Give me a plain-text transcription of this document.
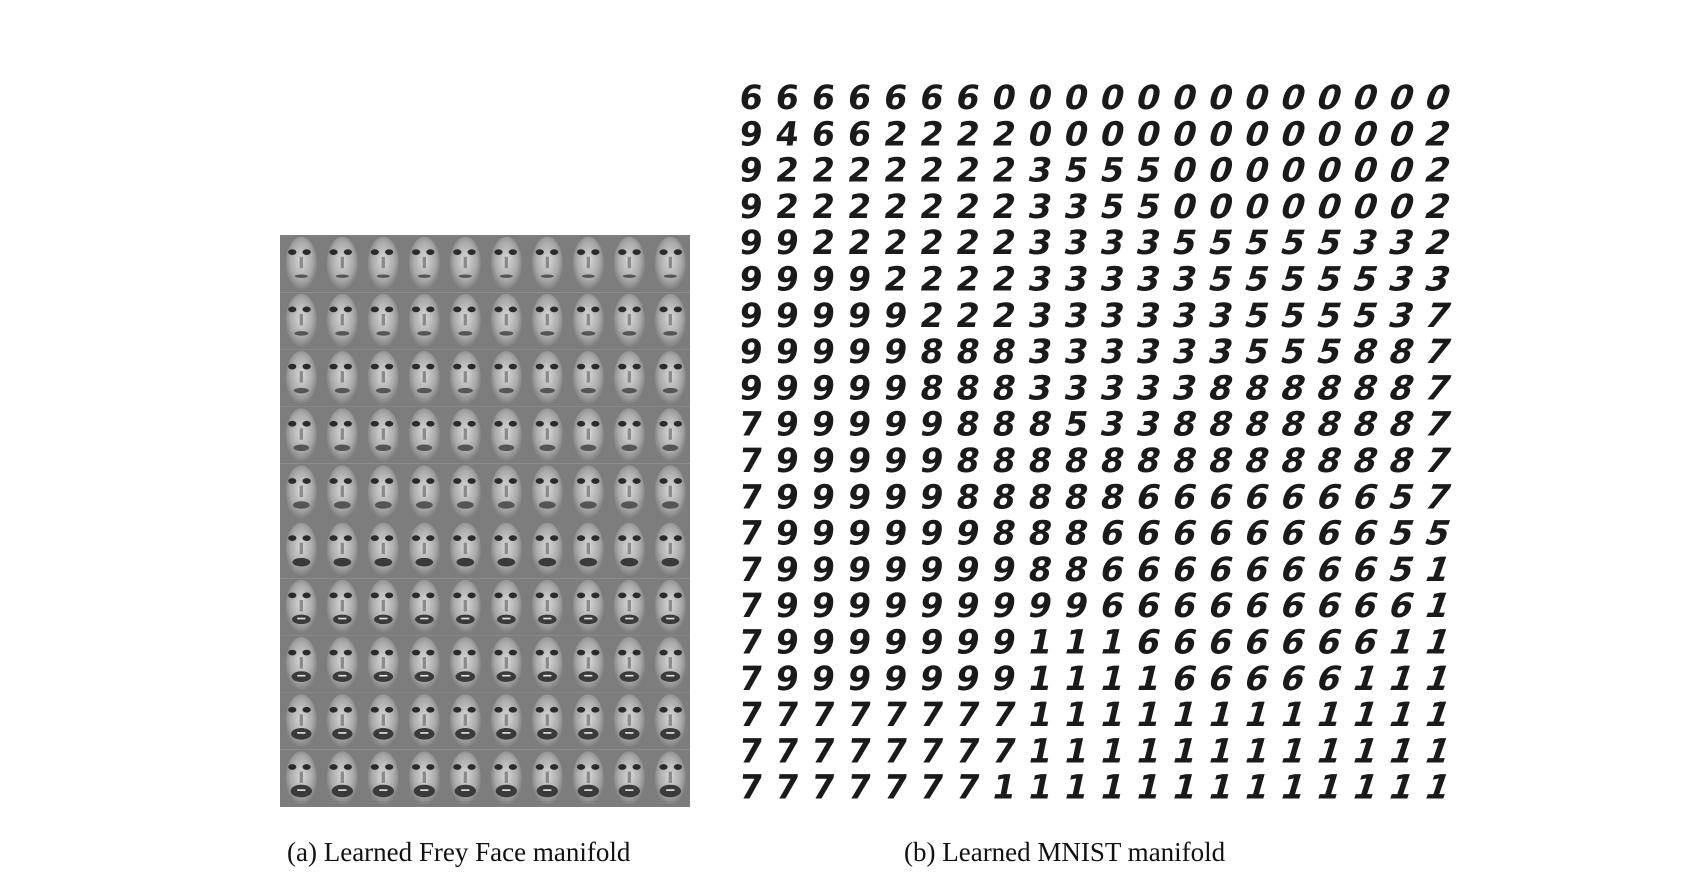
6 6 6 6 6 6 6 0 0 0 0 0 0 0 0 0 0 0 0 0
9 4 6 6 2 2 2 2 0 0 0 0 0 0 0 0 0 0 0 2
9 2 2 2 2 2 2 2 3 5 5 5 0 0 0 0 0 0 0 2
9 2 2 2 2 2 2 2 3 3 5 5 0 0 0 0 0 0 0 2
9 9 2 2 2 2 2 2 3 3 3 3 5 5 5 5 5 3 3 2
9 9 9 9 2 2 2 2 3 3 3 3 3 5 5 5 5 5 3 3
9 9 9 9 9 2 2 2 3 3 3 3 3 3 5 5 5 5 3 7
9 9 9 9 9 8 8 8 3 3 3 3 3 3 5 5 5 8 8 7
9 9 9 9 9 8 8 8 3 3 3 3 3 8 8 8 8 8 8 7
7 9 9 9 9 9 8 8 8 5 3 3 8 8 8 8 8 8 8 7
7 9 9 9 9 9 8 8 8 8 8 8 8 8 8 8 8 8 8 7
7 9 9 9 9 9 8 8 8 8 8 6 6 6 6 6 6 6 5 7
7 9 9 9 9 9 9 8 8 8 6 6 6 6 6 6 6 6 5 5
7 9 9 9 9 9 9 9 8 8 6 6 6 6 6 6 6 6 5 1
7 9 9 9 9 9 9 9 9 9 6 6 6 6 6 6 6 6 6 1
7 9 9 9 9 9 9 9 1 1 1 6 6 6 6 6 6 6 1 1
7 9 9 9 9 9 9 9 1 1 1 1 6 6 6 6 6 1 1 1
7 7 7 7 7 7 7 7 1 1 1 1 1 1 1 1 1 1 1 1
7 7 7 7 7 7 7 7 1 1 1 1 1 1 1 1 1 1 1 1
7 7 7 7 7 7 7 1 1 1 1 1 1 1 1 1 1 1 1 1
(a) Learned Frey Face manifold	(b) Learned MNIST manifold
